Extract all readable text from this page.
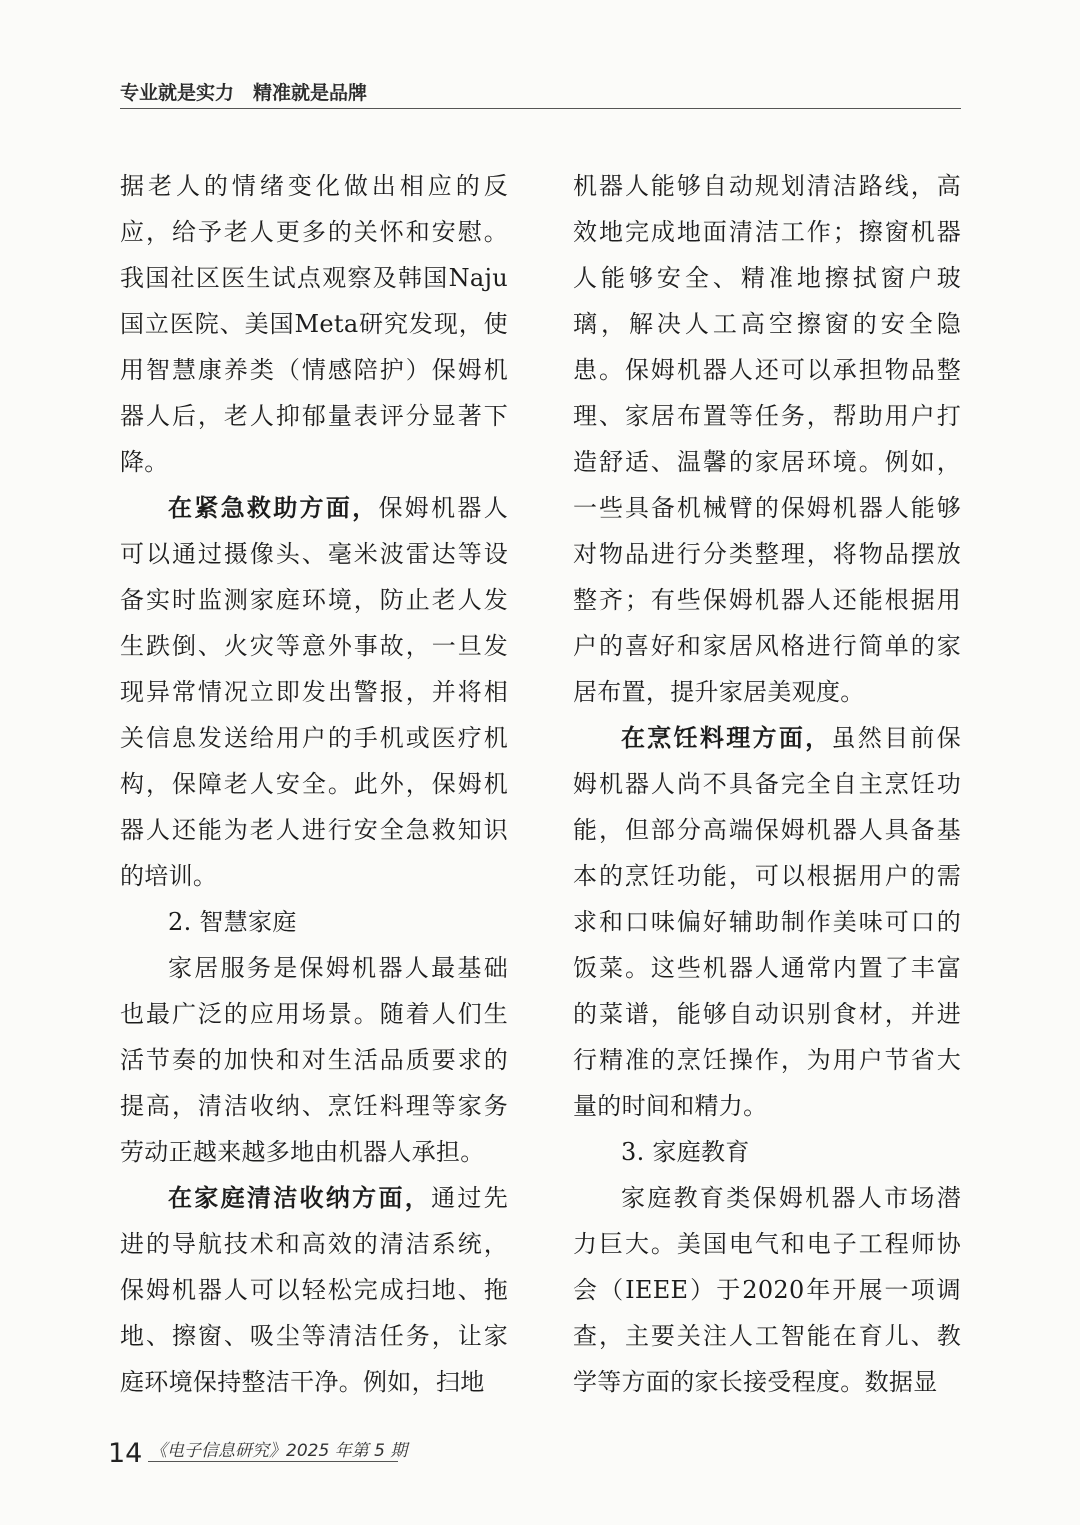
专业就是实力　精准就是品牌

据老人的情绪变化做出相应的反应，给予老人更多的关怀和安慰。我国社区医生试点观察及韩国Naju国立医院、美国Meta研究发现，使用智慧康养类（情感陪护）保姆机器人后，老人抑郁量表评分显著下降。

在紧急救助方面，保姆机器人可以通过摄像头、毫米波雷达等设备实时监测家庭环境，防止老人发生跌倒、火灾等意外事故，一旦发现异常情况立即发出警报，并将相关信息发送给用户的手机或医疗机构，保障老人安全。此外，保姆机器人还能为老人进行安全急救知识的培训。

2. 智慧家庭

家居服务是保姆机器人最基础也最广泛的应用场景。随着人们生活节奏的加快和对生活品质要求的提高，清洁收纳、烹饪料理等家务劳动正越来越多地由机器人承担。

在家庭清洁收纳方面，通过先进的导航技术和高效的清洁系统，保姆机器人可以轻松完成扫地、拖地、擦窗、吸尘等清洁任务，让家庭环境保持整洁干净。例如，扫地

机器人能够自动规划清洁路线，高效地完成地面清洁工作；擦窗机器人能够安全、精准地擦拭窗户玻璃，解决人工高空擦窗的安全隐患。保姆机器人还可以承担物品整理、家居布置等任务，帮助用户打造舒适、温馨的家居环境。例如，一些具备机械臂的保姆机器人能够对物品进行分类整理，将物品摆放整齐；有些保姆机器人还能根据用户的喜好和家居风格进行简单的家居布置，提升家居美观度。

在烹饪料理方面，虽然目前保姆机器人尚不具备完全自主烹饪功能，但部分高端保姆机器人具备基本的烹饪功能，可以根据用户的需求和口味偏好辅助制作美味可口的饭菜。这些机器人通常内置了丰富的菜谱，能够自动识别食材，并进行精准的烹饪操作，为用户节省大量的时间和精力。

3. 家庭教育

家庭教育类保姆机器人市场潜力巨大。美国电气和电子工程师协会（IEEE）于2020年开展一项调查，主要关注人工智能在育儿、教学等方面的家长接受程度。数据显

14 《电子信息研究》2025 年第 5 期
